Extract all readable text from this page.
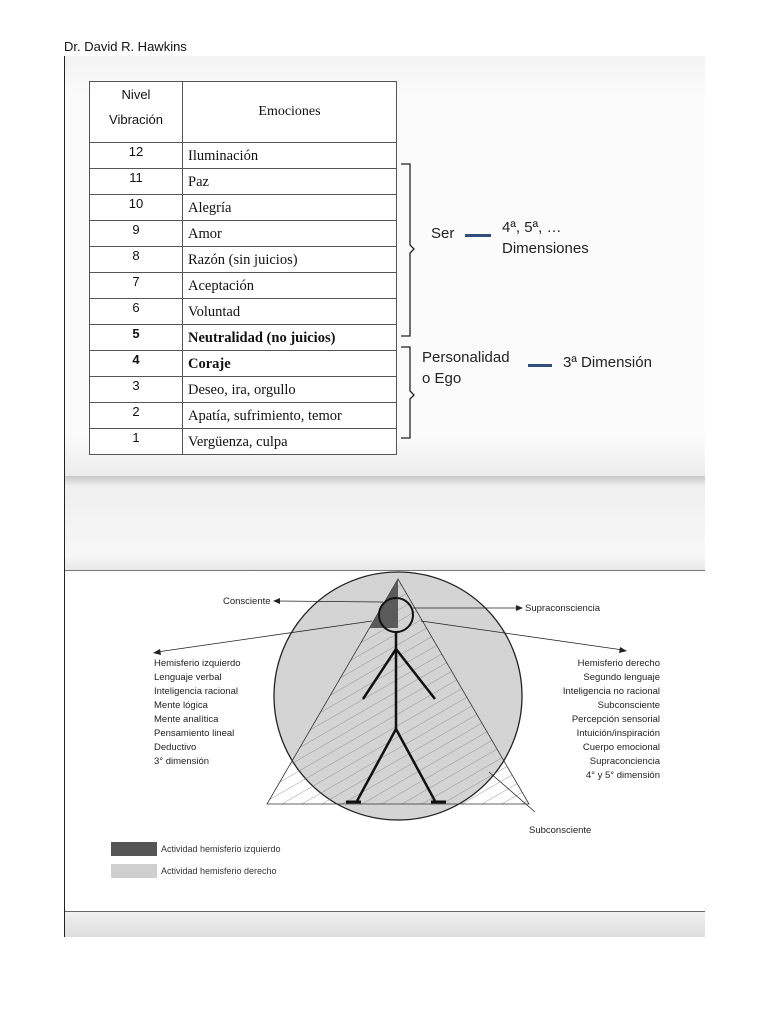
Dr. David R. Hawkins
Nivel
Vibración	Emociones
12	Iluminación
11	Paz
10	Alegría
9	Amor
8	Razón (sin juicios)
7	Aceptación
6	Voluntad
5	Neutralidad (no juicios)
4	Coraje
3	Deseo, ira, orgullo
2	Apatía, sufrimiento, temor
1	Vergüenza, culpa
Ser	4ª, 5ª, …
Dimensiones
Personalidad
o Ego
3ª Dimensión
Consciente
Supraconsciencia
Subconsciente
Hemisferio izquierdo
Lenguaje verbal
Inteligencia racional
Mente lógica
Mente analítica
Pensamiento lineal
Deductivo
3° dimensión
Hemisferio derecho
Segundo lenguaje
Inteligencia no racional
Subconsciente
Percepción sensorial
Intuición/inspiración
Cuerpo emocional
Supraconciencia
4° y 5° dimensión
Actividad hemisferio izquierdo
Actividad hemisferio derecho
